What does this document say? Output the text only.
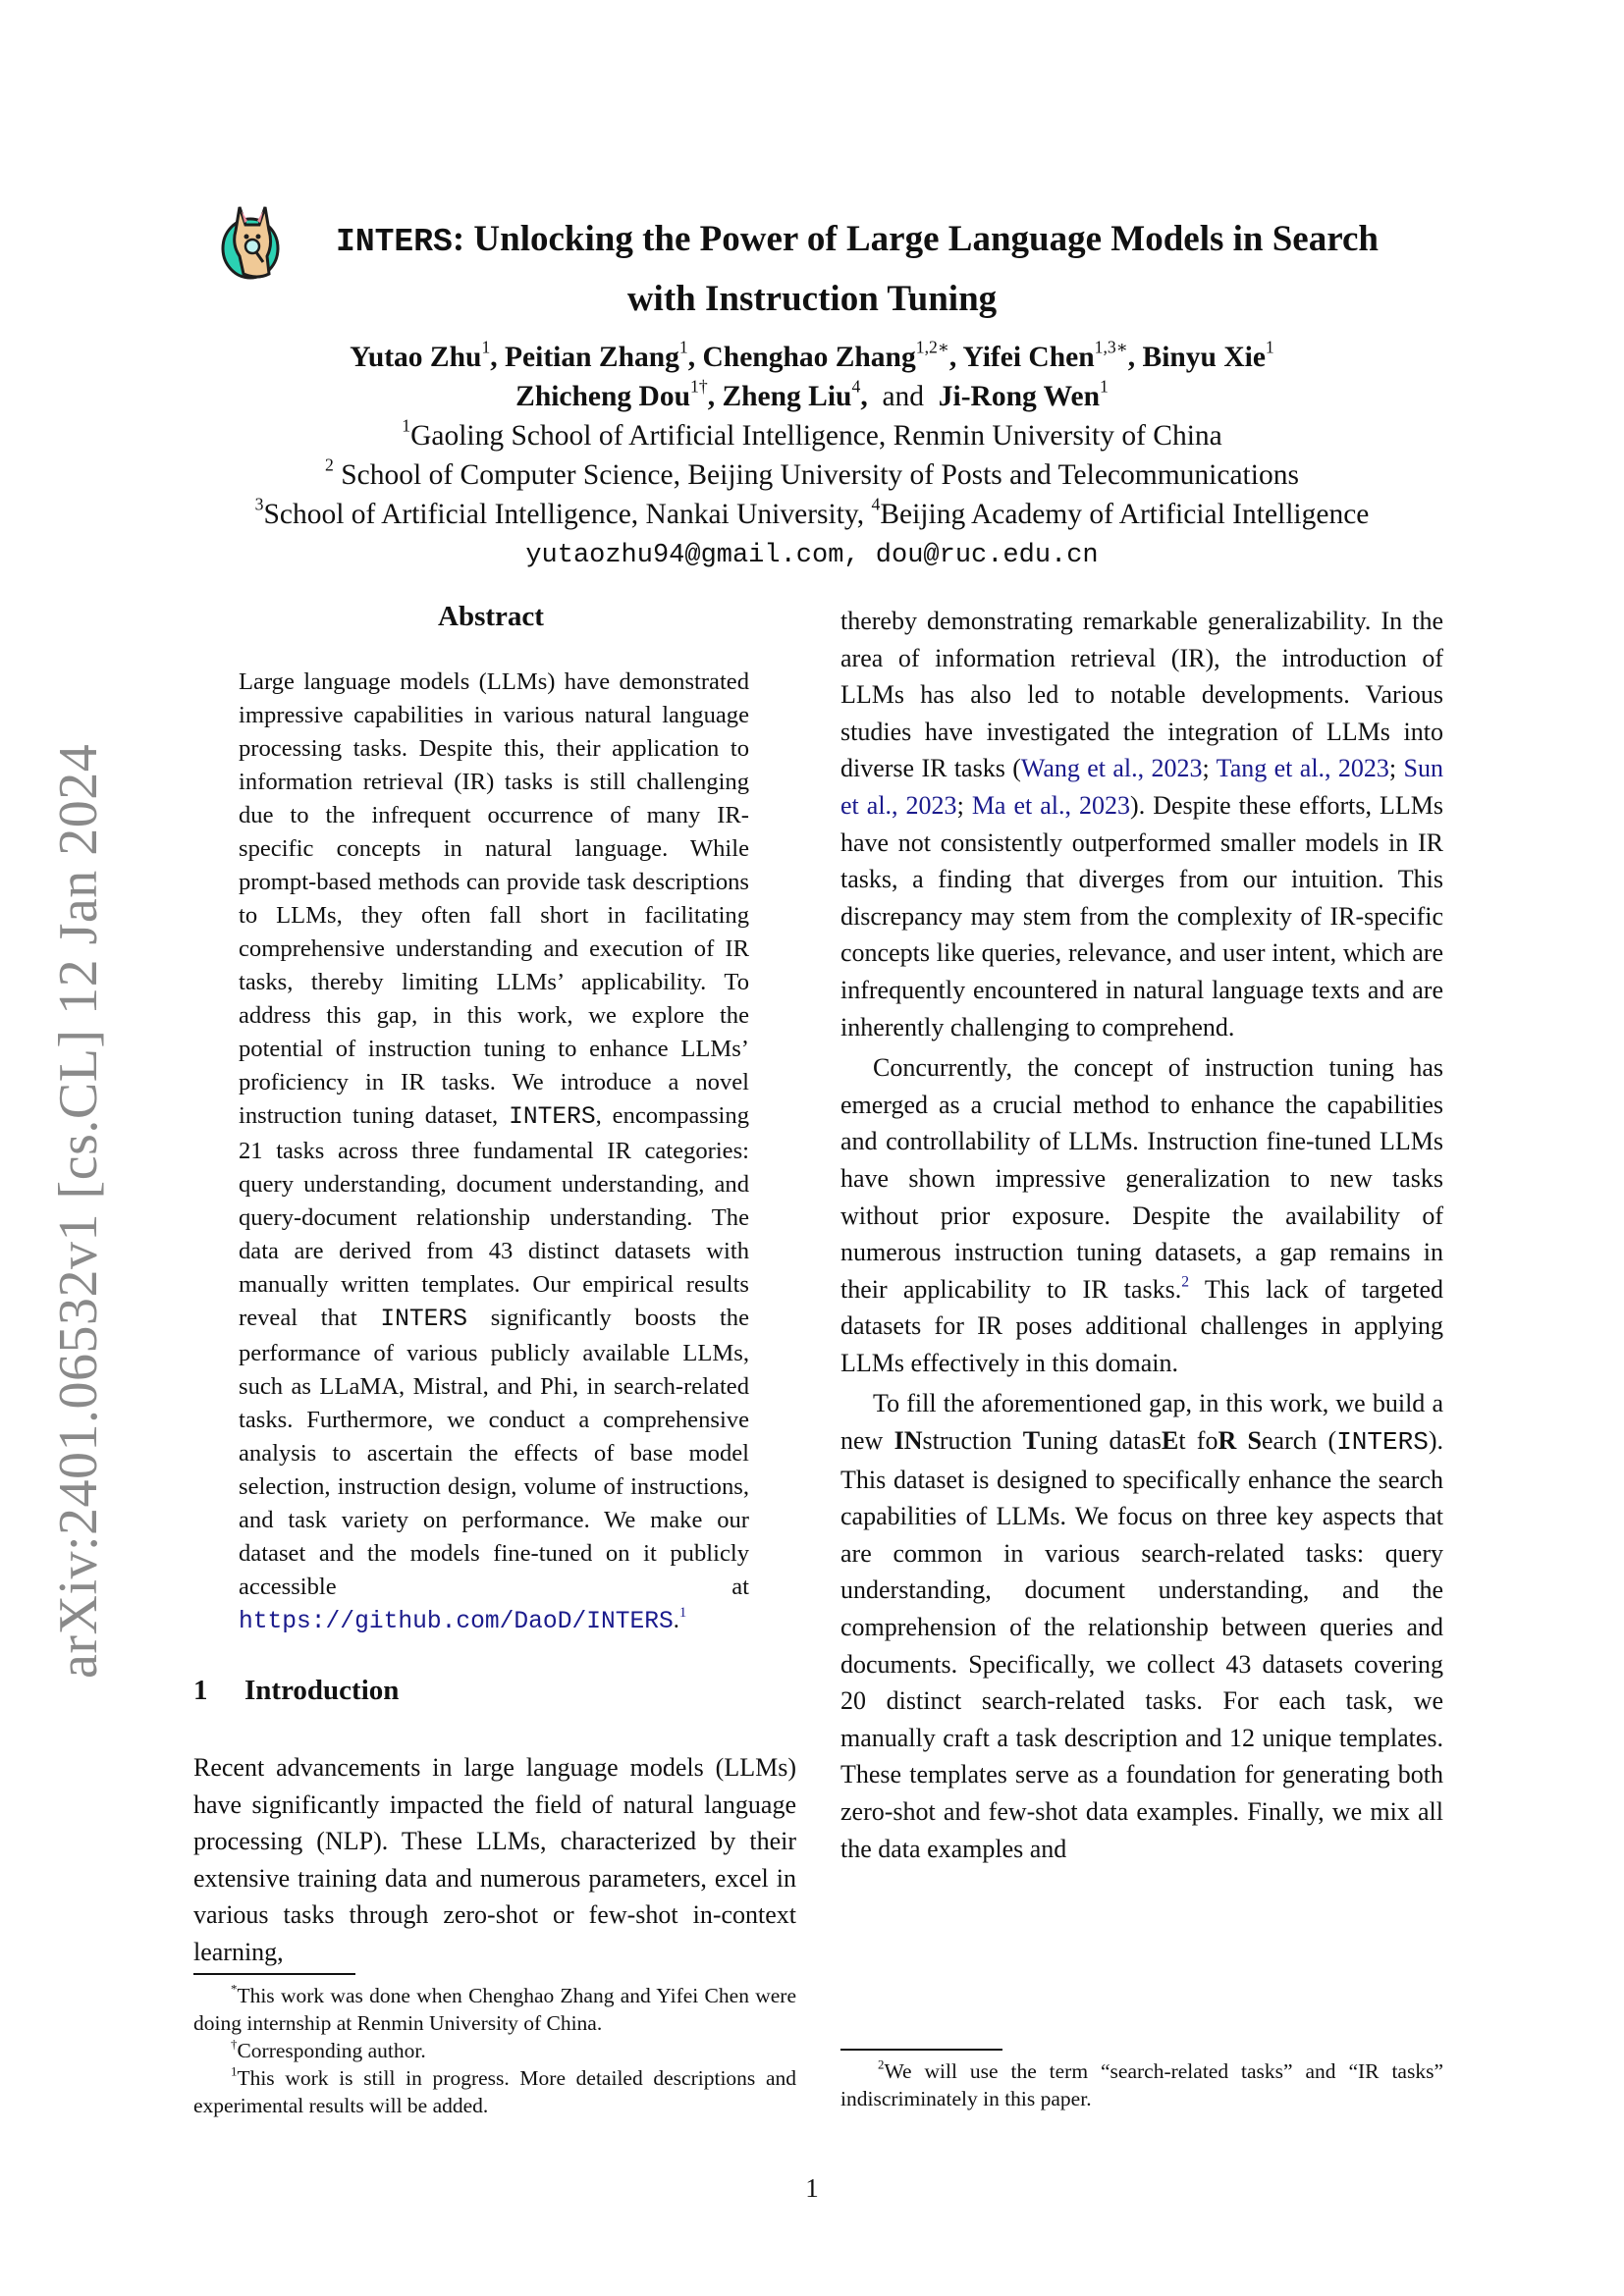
arXiv:2401.06532v1 [cs.CL] 12 Jan 2024
INTERS: Unlocking the Power of Large Language Models in Search
with Instruction Tuning
Yutao Zhu$^1$, Peitian Zhang$^1$, Chenghao Zhang$^{1,2∗}$, Yifei Chen$^{1,3∗}$, Binyu Xie$^1$
Zhicheng Dou$^{1\dagger}$, Zheng Liu$^4$,  and Ji-Rong Wen$^1$
$^1$Gaoling School of Artificial Intelligence, Renmin University of China
$^2$ School of Computer Science, Beijing University of Posts and Telecommunications
$^3$School of Artificial Intelligence, Nankai University, $^4$Beijing Academy of Artificial Intelligence
yutaozhu94@gmail.com, dou@ruc.edu.cn
Abstract

Large language models (LLMs) have demonstrated impressive capabilities in various natural language processing tasks. Despite this, their application to information retrieval (IR) tasks is still challenging due to the infrequent occurrence of many IR-specific concepts in natural language. While prompt-based methods can provide task descriptions to LLMs, they often fall short in facilitating comprehensive understanding and execution of IR tasks, thereby limiting LLMs’ applicability. To address this gap, in this work, we explore the potential of instruction tuning to enhance LLMs’ proficiency in IR tasks. We introduce a novel instruction tuning dataset, INTERS, encompassing 21 tasks across three fundamental IR categories: query understanding, document understanding, and query-document relationship understanding. The data are derived from 43 distinct datasets with manually written templates. Our empirical results reveal that INTERS significantly boosts the performance of various publicly available LLMs, such as LLaMA, Mistral, and Phi, in search-related tasks. Furthermore, we conduct a comprehensive analysis to ascertain the effects of base model selection, instruction design, volume of instructions, and task variety on performance. We make our dataset and the models fine-tuned on it publicly accessible at https://github.com/DaoD/INTERS.$^1$

1 Introduction

Recent advancements in large language models (LLMs) have significantly impacted the field of natural language processing (NLP). These LLMs, characterized by their extensive training data and numerous parameters, excel in various tasks through zero-shot or few-shot in-context learning,

*This work was done when Chenghao Zhang and Yifei Chen were doing internship at Renmin University of China.

†Corresponding author.

$^1$This work is still in progress. More detailed descriptions and experimental results will be added.

thereby demonstrating remarkable generalizability. In the area of information retrieval (IR), the introduction of LLMs has also led to notable developments. Various studies have investigated the integration of LLMs into diverse IR tasks (Wang et al., 2023; Tang et al., 2023; Sun et al., 2023; Ma et al., 2023). Despite these efforts, LLMs have not consistently outperformed smaller models in IR tasks, a finding that diverges from our intuition. This discrepancy may stem from the complexity of IR-specific concepts like queries, relevance, and user intent, which are infrequently encountered in natural language texts and are inherently challenging to comprehend.

Concurrently, the concept of instruction tuning has emerged as a crucial method to enhance the capabilities and controllability of LLMs. Instruction fine-tuned LLMs have shown impressive generalization to new tasks without prior exposure. Despite the availability of numerous instruction tuning datasets, a gap remains in their applicability to IR tasks.$^2$ This lack of targeted datasets for IR poses additional challenges in applying LLMs effectively in this domain.

To fill the aforementioned gap, in this work, we build a new INstruction Tuning datasEt foR Search (INTERS). This dataset is designed to specifically enhance the search capabilities of LLMs. We focus on three key aspects that are common in various search-related tasks: query understanding, document understanding, and the comprehension of the relationship between queries and documents. Specifically, we collect 43 datasets covering 20 distinct search-related tasks. For each task, we manually craft a task description and 12 unique templates. These templates serve as a foundation for generating both zero-shot and few-shot data examples. Finally, we mix all the data examples and

$^2$We will use the term “search-related tasks” and “IR tasks” indiscriminately in this paper.

1
